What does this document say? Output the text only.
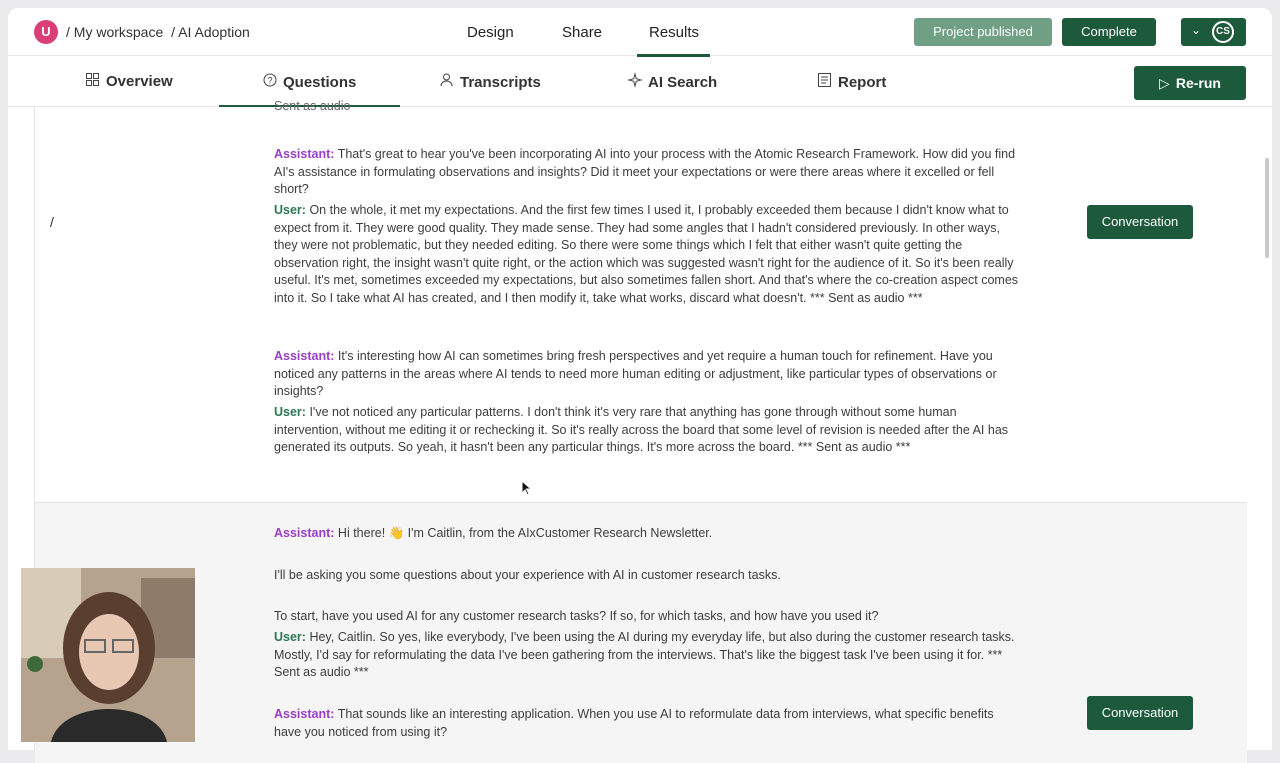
U	/ My workspace / AI Adoption	Design	Share	Results	Project published	Complete	⌄	CS
Overview	? Questions	Transcripts	AI Search	Report	▷ Re-run
Sent as audio
/
Assistant: That's great to hear you've been incorporating AI into your process with the Atomic Research Framework. How did you find AI's assistance in formulating observations and insights? Did it meet your expectations or were there areas where it excelled or fell short?
User: On the whole, it met my expectations. And the first few times I used it, I probably exceeded them because I didn't know what to expect from it. They were good quality. They made sense. They had some angles that I hadn't considered previously. In other ways, they were not problematic, but they needed editing. So there were some things which I felt that either wasn't quite getting the observation right, the insight wasn't quite right, or the action which was suggested wasn't right for the audience of it. So it's been really useful. It's met, sometimes exceeded my expectations, but also sometimes fallen short. And that's where the co-creation aspect comes into it. So I take what AI has created, and I then modify it, take what works, discard what doesn't. *** Sent as audio ***
Assistant: It's interesting how AI can sometimes bring fresh perspectives and yet require a human touch for refinement. Have you noticed any patterns in the areas where AI tends to need more human editing or adjustment, like particular types of observations or insights?
User: I've not noticed any particular patterns. I don't think it's very rare that anything has gone through without some human intervention, without me editing it or rechecking it. So it's really across the board that some level of revision is needed after the AI has generated its outputs. So yeah, it hasn't been any particular things. It's more across the board. *** Sent as audio ***
Conversation
Assistant: Hi there! 👋 I'm Caitlin, from the AIxCustomer Research Newsletter.
I'll be asking you some questions about your experience with AI in customer research tasks.
To start, have you used AI for any customer research tasks? If so, for which tasks, and how have you used it?
User: Hey, Caitlin. So yes, like everybody, I've been using the AI during my everyday life, but also during the customer research tasks. Mostly, I'd say for reformulating the data I've been gathering from the interviews. That's like the biggest task I've been using it for. *** Sent as audio ***
Assistant: That sounds like an interesting application. When you use AI to reformulate data from interviews, what specific benefits have you noticed from using it?
Conversation
